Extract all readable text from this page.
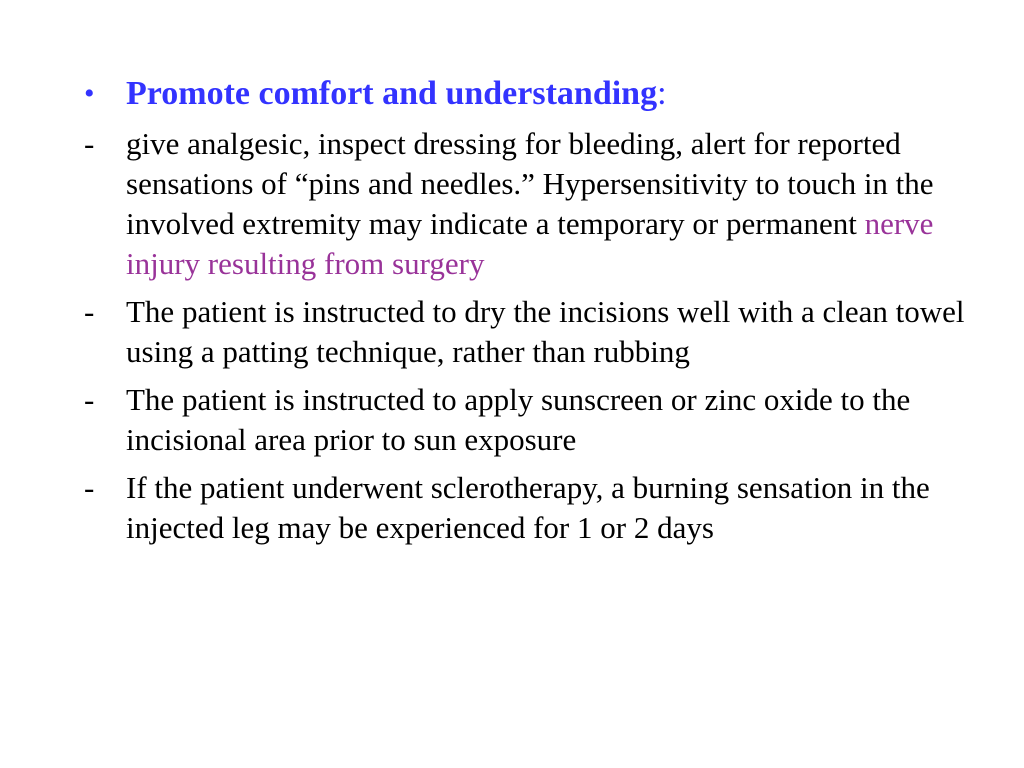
• Promote comfort and understanding:
-	give analgesic, inspect dressing for bleeding, alert for reported sensations of “pins and needles.” Hypersensitivity to touch in the involved extremity may indicate a temporary or permanent nerve injury resulting from surgery
-	The patient is instructed to dry the incisions well with a clean towel using a patting technique, rather than rubbing
-	The patient is instructed to apply sunscreen or zinc oxide to the incisional area prior to sun exposure
-	If the patient underwent sclerotherapy, a burning sensation in the injected leg may be experienced for 1 or 2 days
